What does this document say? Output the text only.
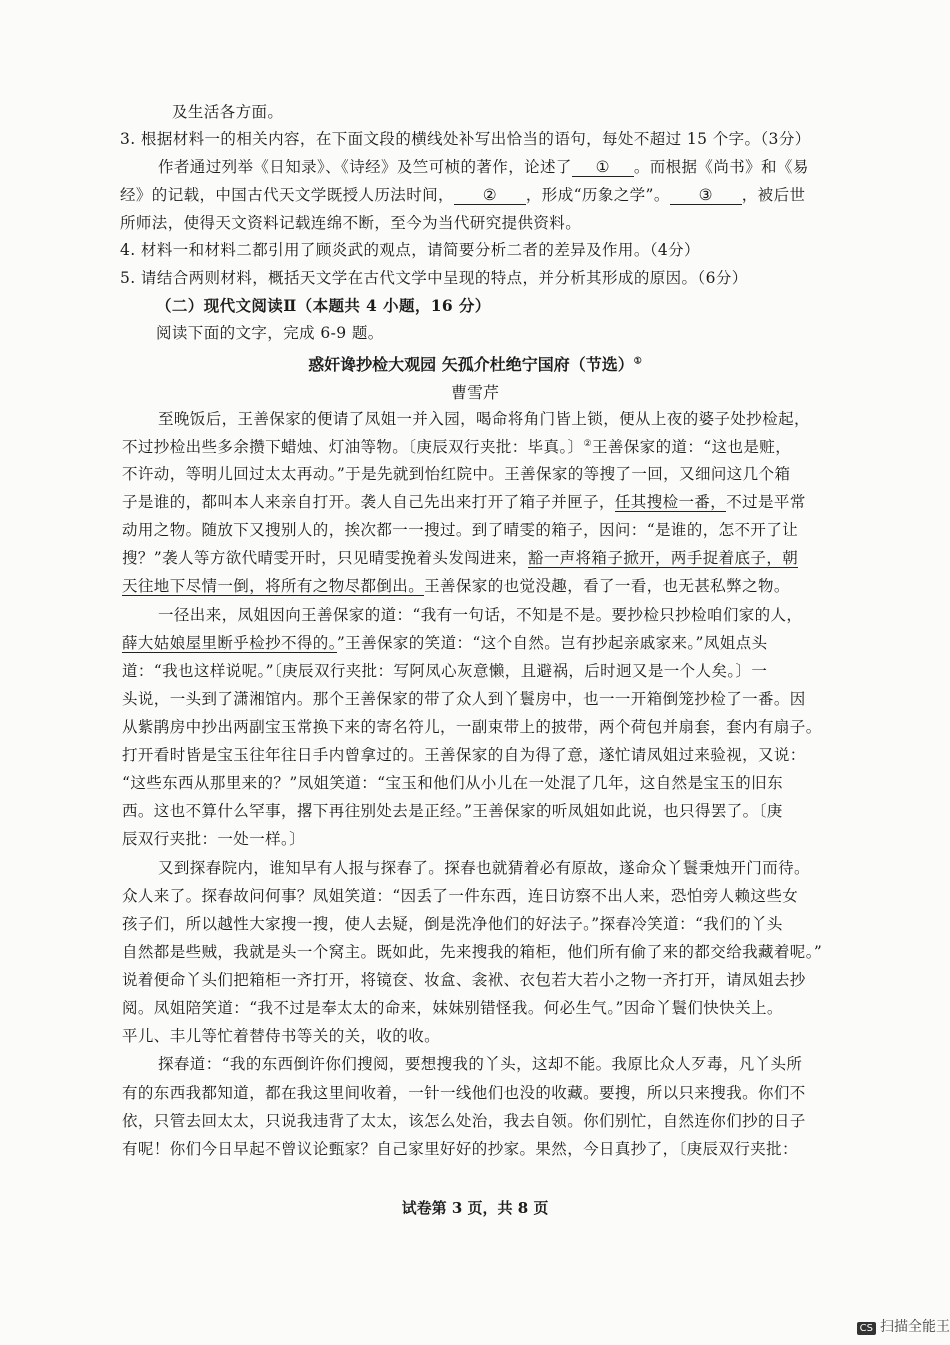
及生活各方面。
3. 根据材料一的相关内容，在下面文段的横线处补写出恰当的语句，每处不超过 15 个字。（3分）
作者通过列举《日知录》、《诗经》及竺可桢的著作，论述了 ① 。而根据《尚书》和《易
经》的记载，中国古代天文学既授人历法时间， ② ，形成“历象之学”。 ③ ，被后世
所师法，使得天文资料记载连绵不断，至今为当代研究提供资料。
4. 材料一和材料二都引用了顾炎武的观点，请简要分析二者的差异及作用。（4分）
5. 请结合两则材料，概括天文学在古代文学中呈现的特点，并分析其形成的原因。（6分）
（二）现代文阅读Ⅱ（本题共 4 小题，16 分）
阅读下面的文字，完成 6-9 题。
惑奸谗抄检大观园 矢孤介杜绝宁国府（节选）①
曹雪芹
至晚饭后，王善保家的便请了凤姐一并入园，喝命将角门皆上锁，便从上夜的婆子处抄检起，
不过抄检出些多余攒下蜡烛、灯油等物。〔庚辰双行夹批：毕真。〕②王善保家的道：“这也是赃，
不许动，等明儿回过太太再动。”于是先就到怡红院中。王善保家的等搜了一回，又细问这几个箱
子是谁的，都叫本人来亲自打开。袭人自己先出来打开了箱子并匣子，任其搜检一番，不过是平常
动用之物。随放下又搜别人的，挨次都一一搜过。到了晴雯的箱子，因问：“是谁的，怎不开了让
搜？”袭人等方欲代晴雯开时，只见晴雯挽着头发闯进来，豁一声将箱子掀开，两手捉着底子，朝
天往地下尽情一倒，将所有之物尽都倒出。王善保家的也觉没趣，看了一看，也无甚私弊之物。
一径出来，凤姐因向王善保家的道：“我有一句话，不知是不是。要抄检只抄检咱们家的人，
薛大姑娘屋里断乎检抄不得的。”王善保家的笑道：“这个自然。岂有抄起亲戚家来。”凤姐点头
道：“我也这样说呢。”〔庚辰双行夹批：写阿凤心灰意懒，且避祸，后时迥又是一个人矣。〕一
头说，一头到了潇湘馆内。那个王善保家的带了众人到丫鬟房中，也一一开箱倒笼抄检了一番。因
从紫鹃房中抄出两副宝玉常换下来的寄名符儿，一副束带上的披带，两个荷包并扇套，套内有扇子。
打开看时皆是宝玉往年往日手内曾拿过的。王善保家的自为得了意，遂忙请凤姐过来验视，又说：
“这些东西从那里来的？”凤姐笑道：“宝玉和他们从小儿在一处混了几年，这自然是宝玉的旧东
西。这也不算什么罕事，撂下再往别处去是正经。”王善保家的听凤姐如此说，也只得罢了。〔庚
辰双行夹批：一处一样。〕
又到探春院内，谁知早有人报与探春了。探春也就猜着必有原故，遂命众丫鬟秉烛开门而待。
众人来了。探春故问何事？凤姐笑道：“因丢了一件东西，连日访察不出人来，恐怕旁人赖这些女
孩子们，所以越性大家搜一搜，使人去疑，倒是洗净他们的好法子。”探春冷笑道：“我们的丫头
自然都是些贼，我就是头一个窝主。既如此，先来搜我的箱柜，他们所有偷了来的都交给我藏着呢。”
说着便命丫头们把箱柜一齐打开，将镜奁、妆盒、衾袱、衣包若大若小之物一齐打开，请凤姐去抄
阅。凤姐陪笑道：“我不过是奉太太的命来，妹妹别错怪我。何必生气。”因命丫鬟们快快关上。
平儿、丰儿等忙着替侍书等关的关，收的收。
探春道：“我的东西倒许你们搜阅，要想搜我的丫头，这却不能。我原比众人歹毒，凡丫头所
有的东西我都知道，都在我这里间收着，一针一线他们也没的收藏。要搜，所以只来搜我。你们不
依，只管去回太太，只说我违背了太太，该怎么处治，我去自领。你们别忙，自然连你们抄的日子
有呢！你们今日早起不曾议论甄家？自己家里好好的抄家。果然，今日真抄了，〔庚辰双行夹批：
试卷第 3 页，共 8 页
CS 扫描全能王
